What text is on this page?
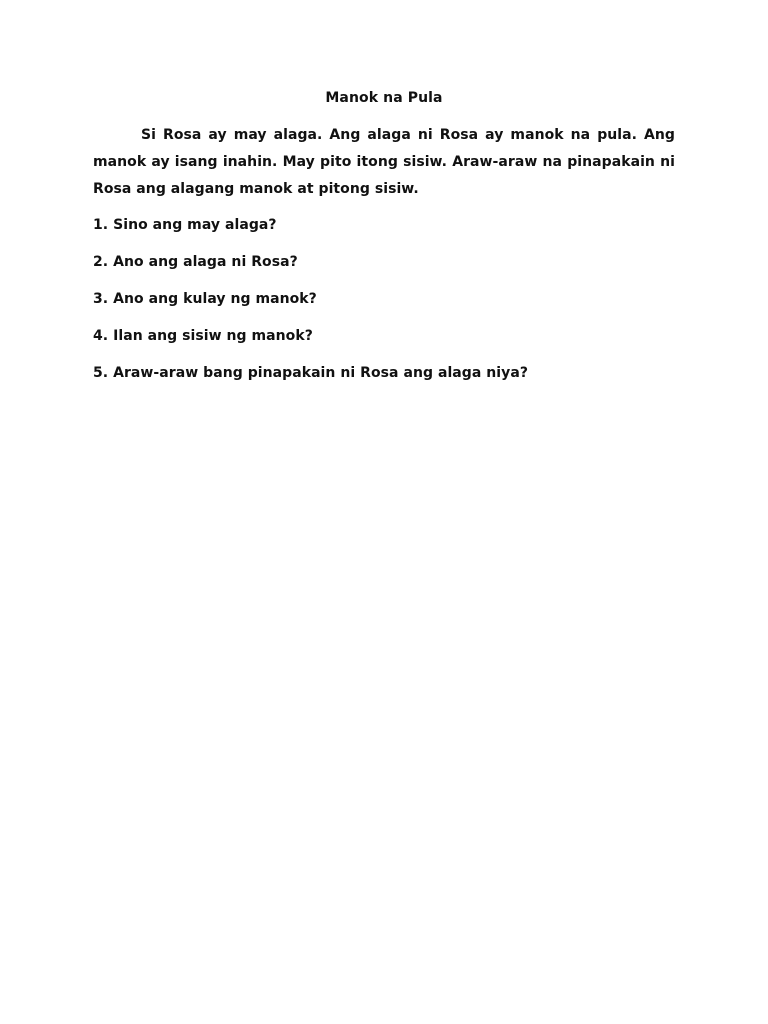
Manok na Pula

Si Rosa ay may alaga. Ang alaga ni Rosa ay manok na pula. Ang manok ay isang inahin. May pito itong sisiw. Araw-araw na pinapakain ni Rosa ang alagang manok at pitong sisiw.

1. Sino ang may alaga?
2. Ano ang alaga ni Rosa?
3. Ano ang kulay ng manok?
4. Ilan ang sisiw ng manok?
5. Araw-araw bang pinapakain ni Rosa ang alaga niya?
